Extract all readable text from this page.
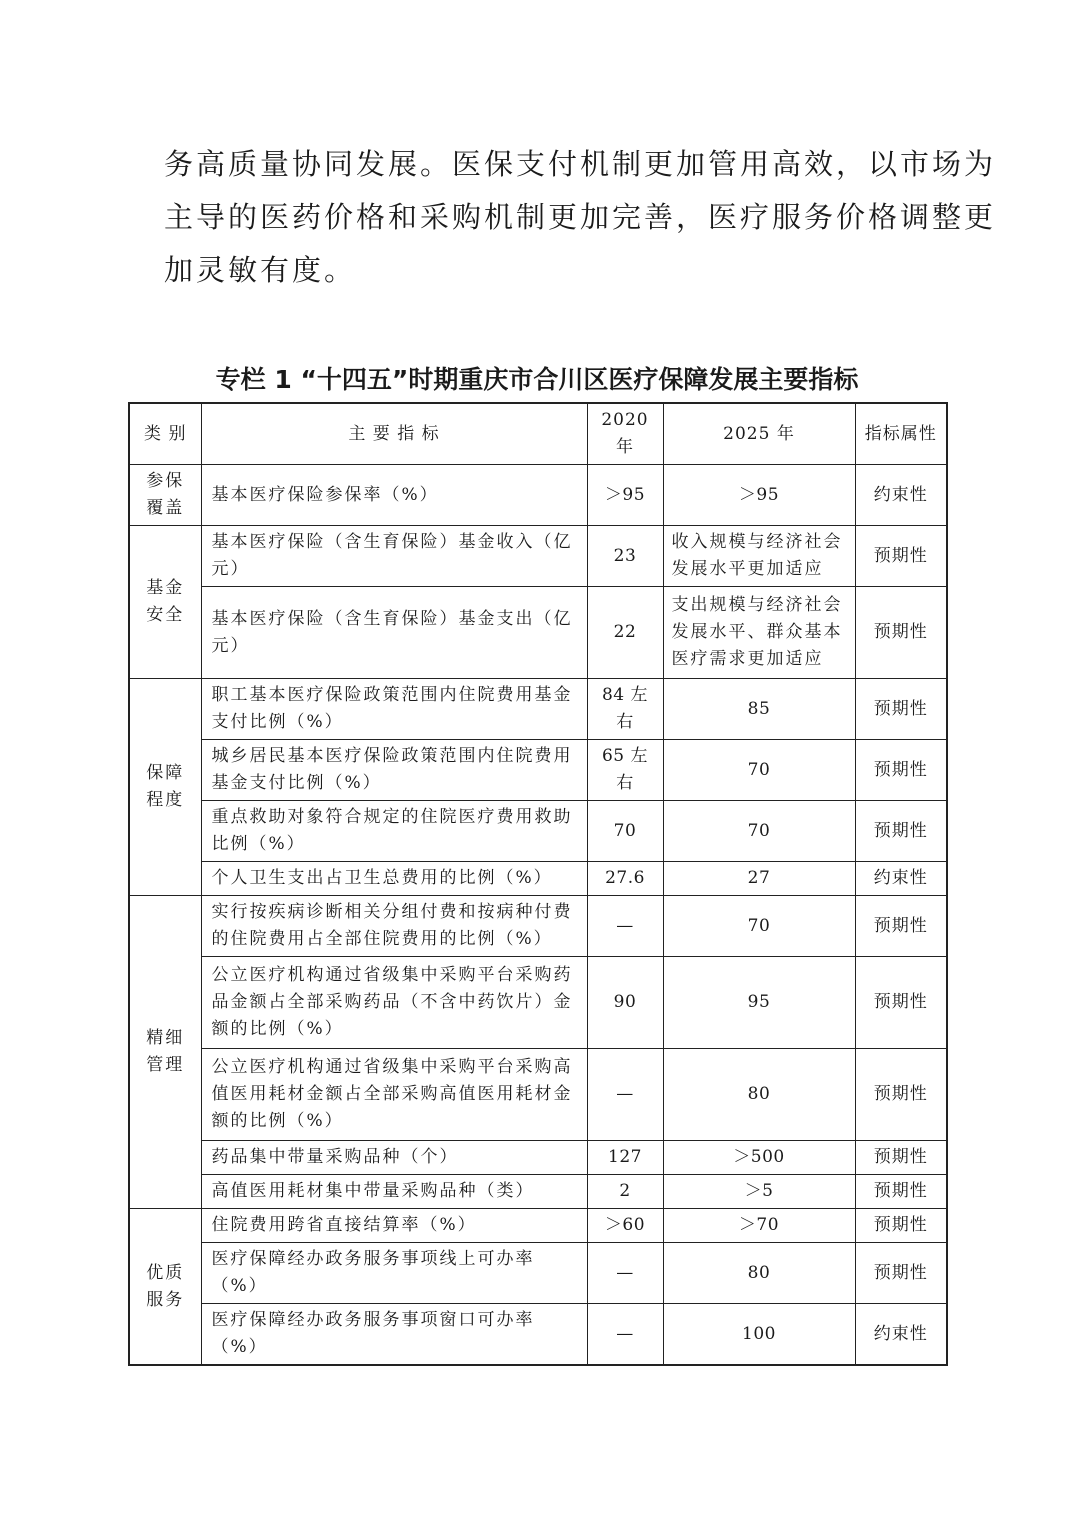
务高质量协同发展。医保支付机制更加管用高效，以市场为
主导的医药价格和采购机制更加完善，医疗服务价格调整更
加灵敏有度。

专栏 1 “十四五”时期重庆市合川区医疗保障发展主要指标

类 别	主 要 指 标	2020 年	2025 年	指标属性

参保
覆盖	基本医疗保险参保率（%）	＞95	＞95	约束性

基金
安全	基本医疗保险（含生育保险）基金收入（亿元）	23	收入规模与经济社会发展水平更加适应	预期性
	基本医疗保险（含生育保险）基金支出（亿元）	22	支出规模与经济社会发展水平、群众基本医疗需求更加适应	预期性

保障
程度	职工基本医疗保险政策范围内住院费用基金支付比例（%）	84 左右	85	预期性
	城乡居民基本医疗保险政策范围内住院费用基金支付比例（%）	65 左右	70	预期性
	重点救助对象符合规定的住院医疗费用救助比例（%）	70	70	预期性
	个人卫生支出占卫生总费用的比例（%）	27.6	27	约束性

精细
管理	实行按疾病诊断相关分组付费和按病种付费的住院费用占全部住院费用的比例（%）	—	70	预期性
	公立医疗机构通过省级集中采购平台采购药品金额占全部采购药品（不含中药饮片）金额的比例（%）	90	95	预期性
	公立医疗机构通过省级集中采购平台采购高值医用耗材金额占全部采购高值医用耗材金额的比例（%）	—	80	预期性
	药品集中带量采购品种（个）	127	＞500	预期性
	高值医用耗材集中带量采购品种（类）	2	＞5	预期性

优质
服务	住院费用跨省直接结算率（%）	＞60	＞70	预期性
	医疗保障经办政务服务事项线上可办率（%）	—	80	预期性
	医疗保障经办政务服务事项窗口可办率（%）	—	100	约束性
